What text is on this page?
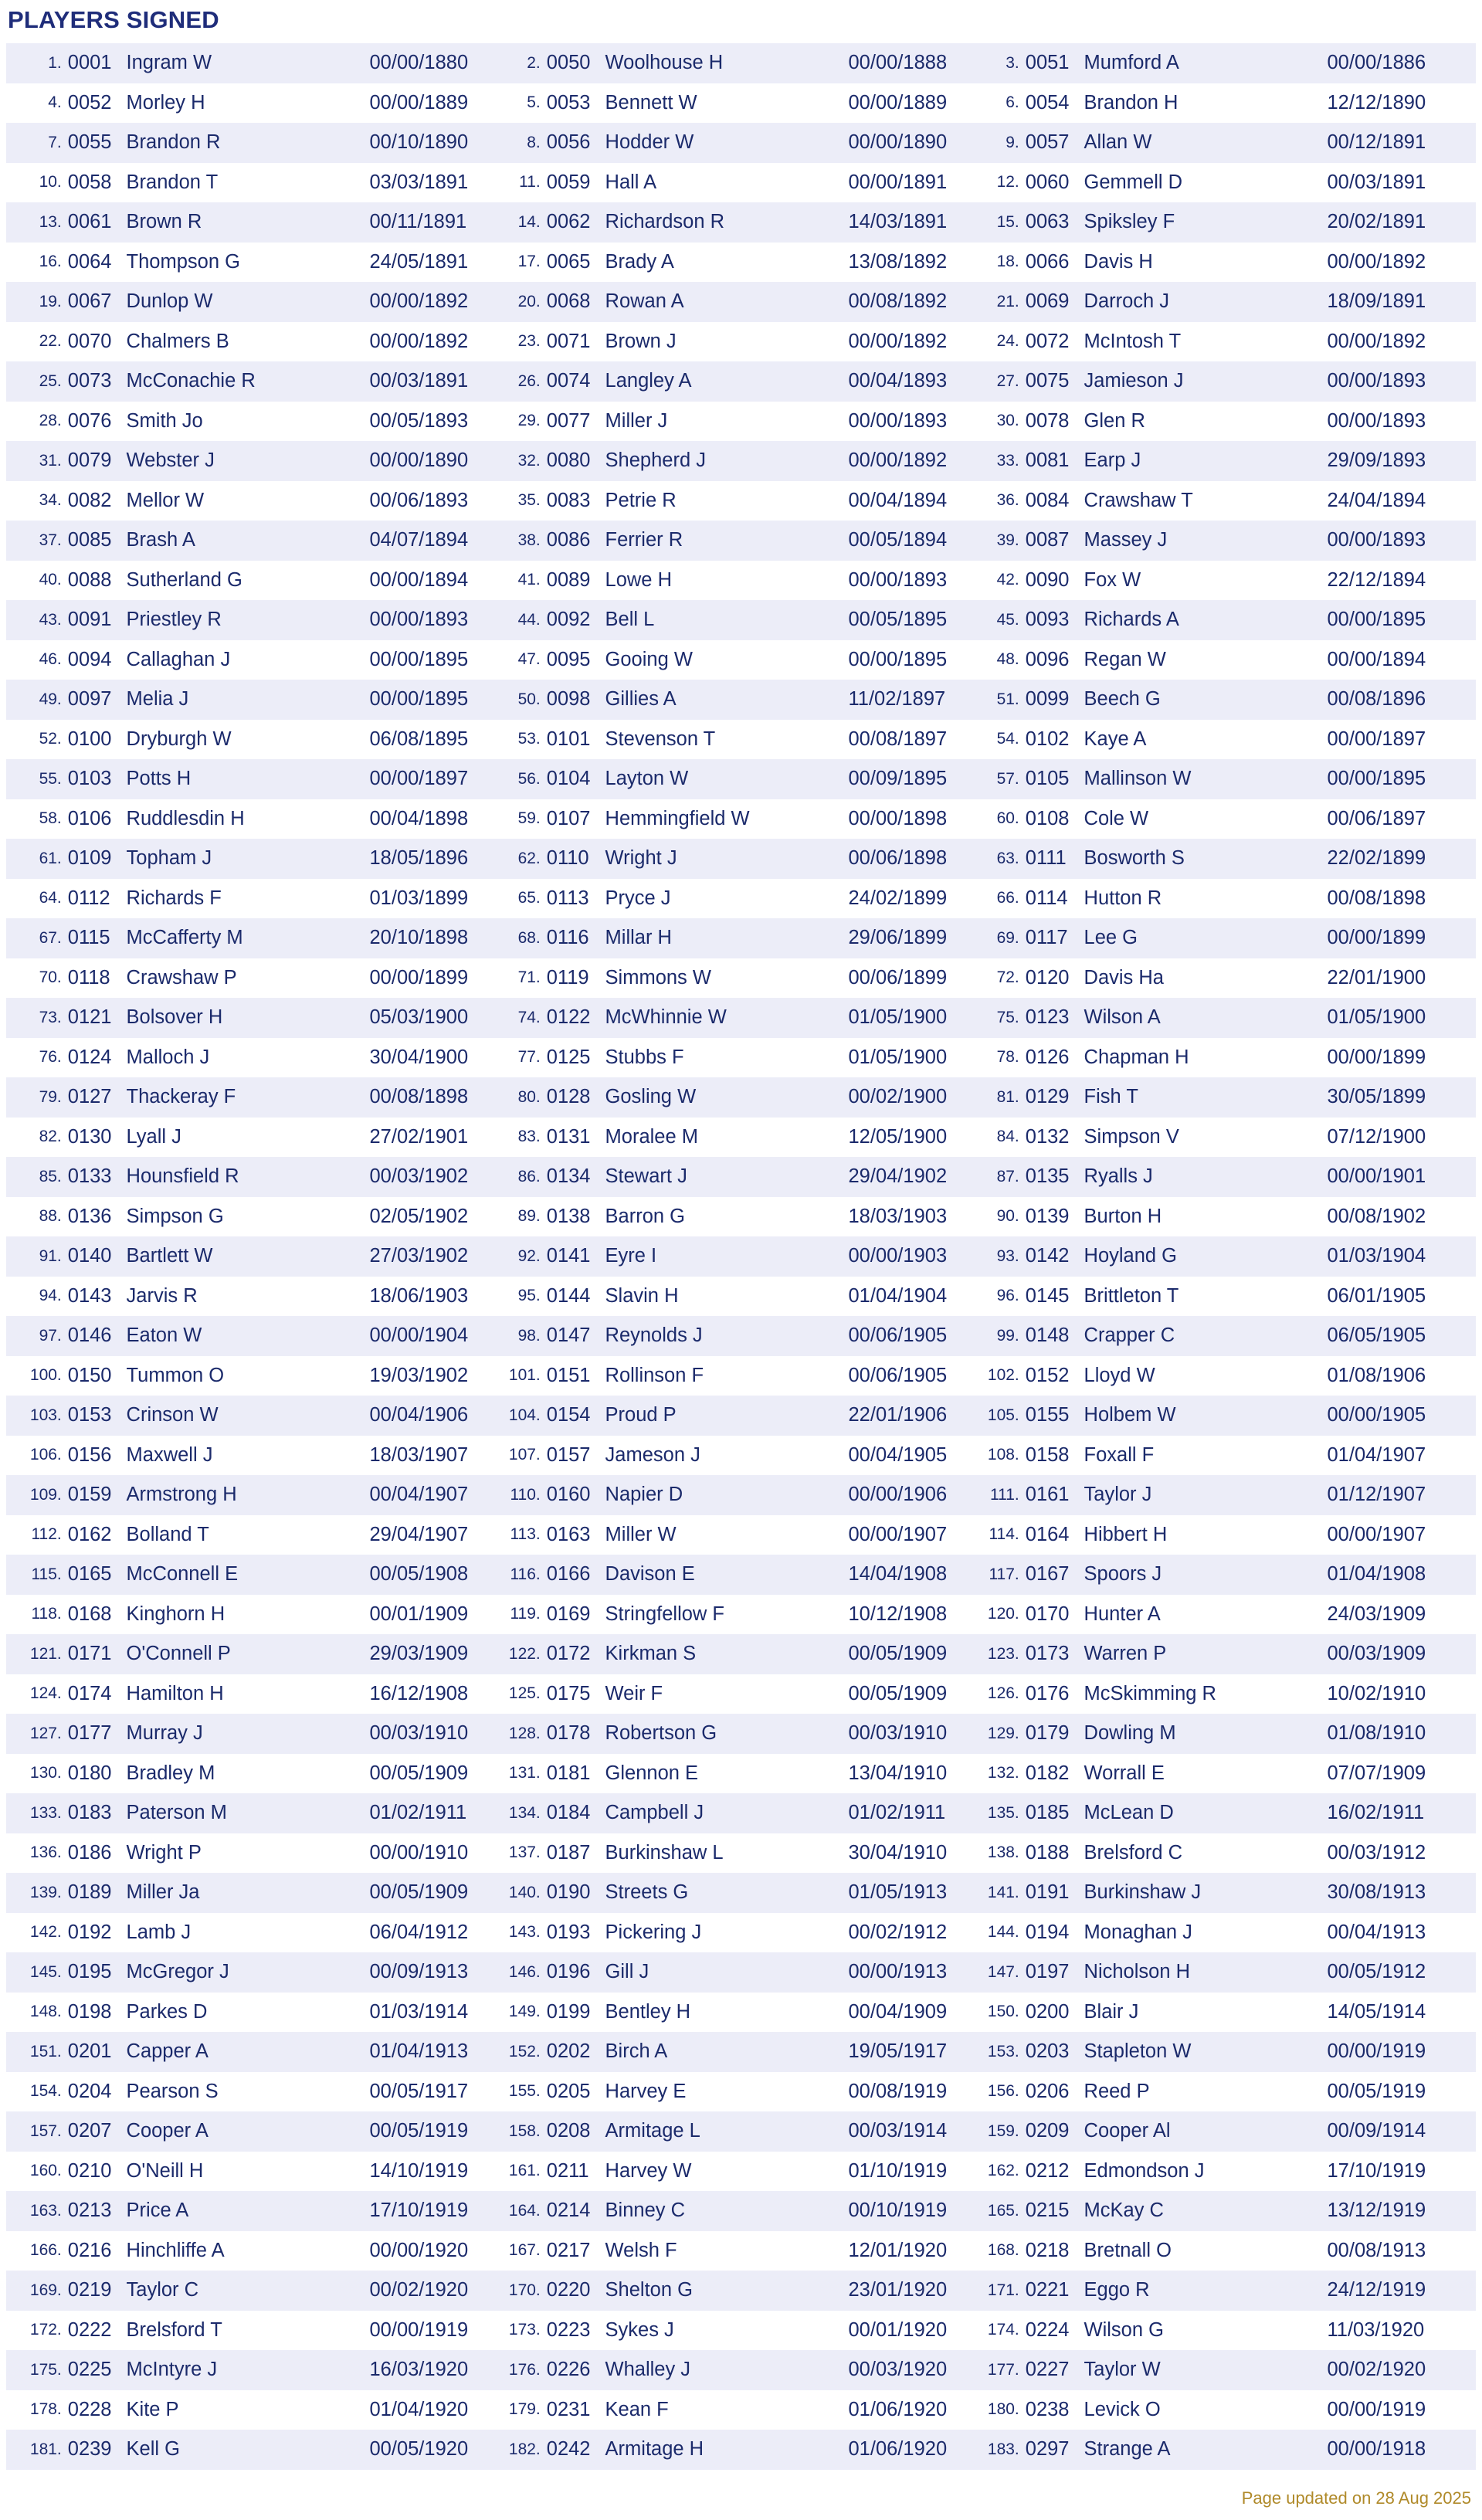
PLAYERS SIGNED
1. 0001 Ingram W	00/00/1880	2. 0050 Woolhouse H	00/00/1888	3. 0051 Mumford A	00/00/1886
4. 0052 Morley H	00/00/1889	5. 0053 Bennett W	00/00/1889	6. 0054 Brandon H	12/12/1890
7. 0055 Brandon R	00/10/1890	8. 0056 Hodder W	00/00/1890	9. 0057 Allan W	00/12/1891
10. 0058 Brandon T	03/03/1891	11. 0059 Hall A	00/00/1891	12. 0060 Gemmell D	00/03/1891
13. 0061 Brown R	00/11/1891	14. 0062 Richardson R	14/03/1891	15. 0063 Spiksley F	20/02/1891
16. 0064 Thompson G	24/05/1891	17. 0065 Brady A	13/08/1892	18. 0066 Davis H	00/00/1892
19. 0067 Dunlop W	00/00/1892	20. 0068 Rowan A	00/08/1892	21. 0069 Darroch J	18/09/1891
22. 0070 Chalmers B	00/00/1892	23. 0071 Brown J	00/00/1892	24. 0072 McIntosh T	00/00/1892
25. 0073 McConachie R	00/03/1891	26. 0074 Langley A	00/04/1893	27. 0075 Jamieson J	00/00/1893
28. 0076 Smith Jo	00/05/1893	29. 0077 Miller J	00/00/1893	30. 0078 Glen R	00/00/1893
31. 0079 Webster J	00/00/1890	32. 0080 Shepherd J	00/00/1892	33. 0081 Earp J	29/09/1893
34. 0082 Mellor W	00/06/1893	35. 0083 Petrie R	00/04/1894	36. 0084 Crawshaw T	24/04/1894
37. 0085 Brash A	04/07/1894	38. 0086 Ferrier R	00/05/1894	39. 0087 Massey J	00/00/1893
40. 0088 Sutherland G	00/00/1894	41. 0089 Lowe H	00/00/1893	42. 0090 Fox W	22/12/1894
43. 0091 Priestley R	00/00/1893	44. 0092 Bell L	00/05/1895	45. 0093 Richards A	00/00/1895
46. 0094 Callaghan J	00/00/1895	47. 0095 Gooing W	00/00/1895	48. 0096 Regan W	00/00/1894
49. 0097 Melia J	00/00/1895	50. 0098 Gillies A	11/02/1897	51. 0099 Beech G	00/08/1896
52. 0100 Dryburgh W	06/08/1895	53. 0101 Stevenson T	00/08/1897	54. 0102 Kaye A	00/00/1897
55. 0103 Potts H	00/00/1897	56. 0104 Layton W	00/09/1895	57. 0105 Mallinson W	00/00/1895
58. 0106 Ruddlesdin H	00/04/1898	59. 0107 Hemmingfield W	00/00/1898	60. 0108 Cole W	00/06/1897
61. 0109 Topham J	18/05/1896	62. 0110 Wright J	00/06/1898	63. 0111 Bosworth S	22/02/1899
64. 0112 Richards F	01/03/1899	65. 0113 Pryce J	24/02/1899	66. 0114 Hutton R	00/08/1898
67. 0115 McCafferty M	20/10/1898	68. 0116 Millar H	29/06/1899	69. 0117 Lee G	00/00/1899
70. 0118 Crawshaw P	00/00/1899	71. 0119 Simmons W	00/06/1899	72. 0120 Davis Ha	22/01/1900
73. 0121 Bolsover H	05/03/1900	74. 0122 McWhinnie W	01/05/1900	75. 0123 Wilson A	01/05/1900
76. 0124 Malloch J	30/04/1900	77. 0125 Stubbs F	01/05/1900	78. 0126 Chapman H	00/00/1899
79. 0127 Thackeray F	00/08/1898	80. 0128 Gosling W	00/02/1900	81. 0129 Fish T	30/05/1899
82. 0130 Lyall J	27/02/1901	83. 0131 Moralee M	12/05/1900	84. 0132 Simpson V	07/12/1900
85. 0133 Hounsfield R	00/03/1902	86. 0134 Stewart J	29/04/1902	87. 0135 Ryalls J	00/00/1901
88. 0136 Simpson G	02/05/1902	89. 0138 Barron G	18/03/1903	90. 0139 Burton H	00/08/1902
91. 0140 Bartlett W	27/03/1902	92. 0141 Eyre I	00/00/1903	93. 0142 Hoyland G	01/03/1904
94. 0143 Jarvis R	18/06/1903	95. 0144 Slavin H	01/04/1904	96. 0145 Brittleton T	06/01/1905
97. 0146 Eaton W	00/00/1904	98. 0147 Reynolds J	00/06/1905	99. 0148 Crapper C	06/05/1905
100. 0150 Tummon O	19/03/1902	101. 0151 Rollinson F	00/06/1905	102. 0152 Lloyd W	01/08/1906
103. 0153 Crinson W	00/04/1906	104. 0154 Proud P	22/01/1906	105. 0155 Holbem W	00/00/1905
106. 0156 Maxwell J	18/03/1907	107. 0157 Jameson J	00/04/1905	108. 0158 Foxall F	01/04/1907
109. 0159 Armstrong H	00/04/1907	110. 0160 Napier D	00/00/1906	111. 0161 Taylor J	01/12/1907
112. 0162 Bolland T	29/04/1907	113. 0163 Miller W	00/00/1907	114. 0164 Hibbert H	00/00/1907
115. 0165 McConnell E	00/05/1908	116. 0166 Davison E	14/04/1908	117. 0167 Spoors J	01/04/1908
118. 0168 Kinghorn H	00/01/1909	119. 0169 Stringfellow F	10/12/1908	120. 0170 Hunter A	24/03/1909
121. 0171 O'Connell P	29/03/1909	122. 0172 Kirkman S	00/05/1909	123. 0173 Warren P	00/03/1909
124. 0174 Hamilton H	16/12/1908	125. 0175 Weir F	00/05/1909	126. 0176 McSkimming R	10/02/1910
127. 0177 Murray J	00/03/1910	128. 0178 Robertson G	00/03/1910	129. 0179 Dowling M	01/08/1910
130. 0180 Bradley M	00/05/1909	131. 0181 Glennon E	13/04/1910	132. 0182 Worrall E	07/07/1909
133. 0183 Paterson M	01/02/1911	134. 0184 Campbell J	01/02/1911	135. 0185 McLean D	16/02/1911
136. 0186 Wright P	00/00/1910	137. 0187 Burkinshaw L	30/04/1910	138. 0188 Brelsford C	00/03/1912
139. 0189 Miller Ja	00/05/1909	140. 0190 Streets G	01/05/1913	141. 0191 Burkinshaw J	30/08/1913
142. 0192 Lamb J	06/04/1912	143. 0193 Pickering J	00/02/1912	144. 0194 Monaghan J	00/04/1913
145. 0195 McGregor J	00/09/1913	146. 0196 Gill J	00/00/1913	147. 0197 Nicholson H	00/05/1912
148. 0198 Parkes D	01/03/1914	149. 0199 Bentley H	00/04/1909	150. 0200 Blair J	14/05/1914
151. 0201 Capper A	01/04/1913	152. 0202 Birch A	19/05/1917	153. 0203 Stapleton W	00/00/1919
154. 0204 Pearson S	00/05/1917	155. 0205 Harvey E	00/08/1919	156. 0206 Reed P	00/05/1919
157. 0207 Cooper A	00/05/1919	158. 0208 Armitage L	00/03/1914	159. 0209 Cooper Al	00/09/1914
160. 0210 O'Neill H	14/10/1919	161. 0211 Harvey W	01/10/1919	162. 0212 Edmondson J	17/10/1919
163. 0213 Price A	17/10/1919	164. 0214 Binney C	00/10/1919	165. 0215 McKay C	13/12/1919
166. 0216 Hinchliffe A	00/00/1920	167. 0217 Welsh F	12/01/1920	168. 0218 Bretnall O	00/08/1913
169. 0219 Taylor C	00/02/1920	170. 0220 Shelton G	23/01/1920	171. 0221 Eggo R	24/12/1919
172. 0222 Brelsford T	00/00/1919	173. 0223 Sykes J	00/01/1920	174. 0224 Wilson G	11/03/1920
175. 0225 McIntyre J	16/03/1920	176. 0226 Whalley J	00/03/1920	177. 0227 Taylor W	00/02/1920
178. 0228 Kite P	01/04/1920	179. 0231 Kean F	01/06/1920	180. 0238 Levick O	00/00/1919
181. 0239 Kell G	00/05/1920	182. 0242 Armitage H	01/06/1920	183. 0297 Strange A	00/00/1918
Page updated on 28 Aug 2025
